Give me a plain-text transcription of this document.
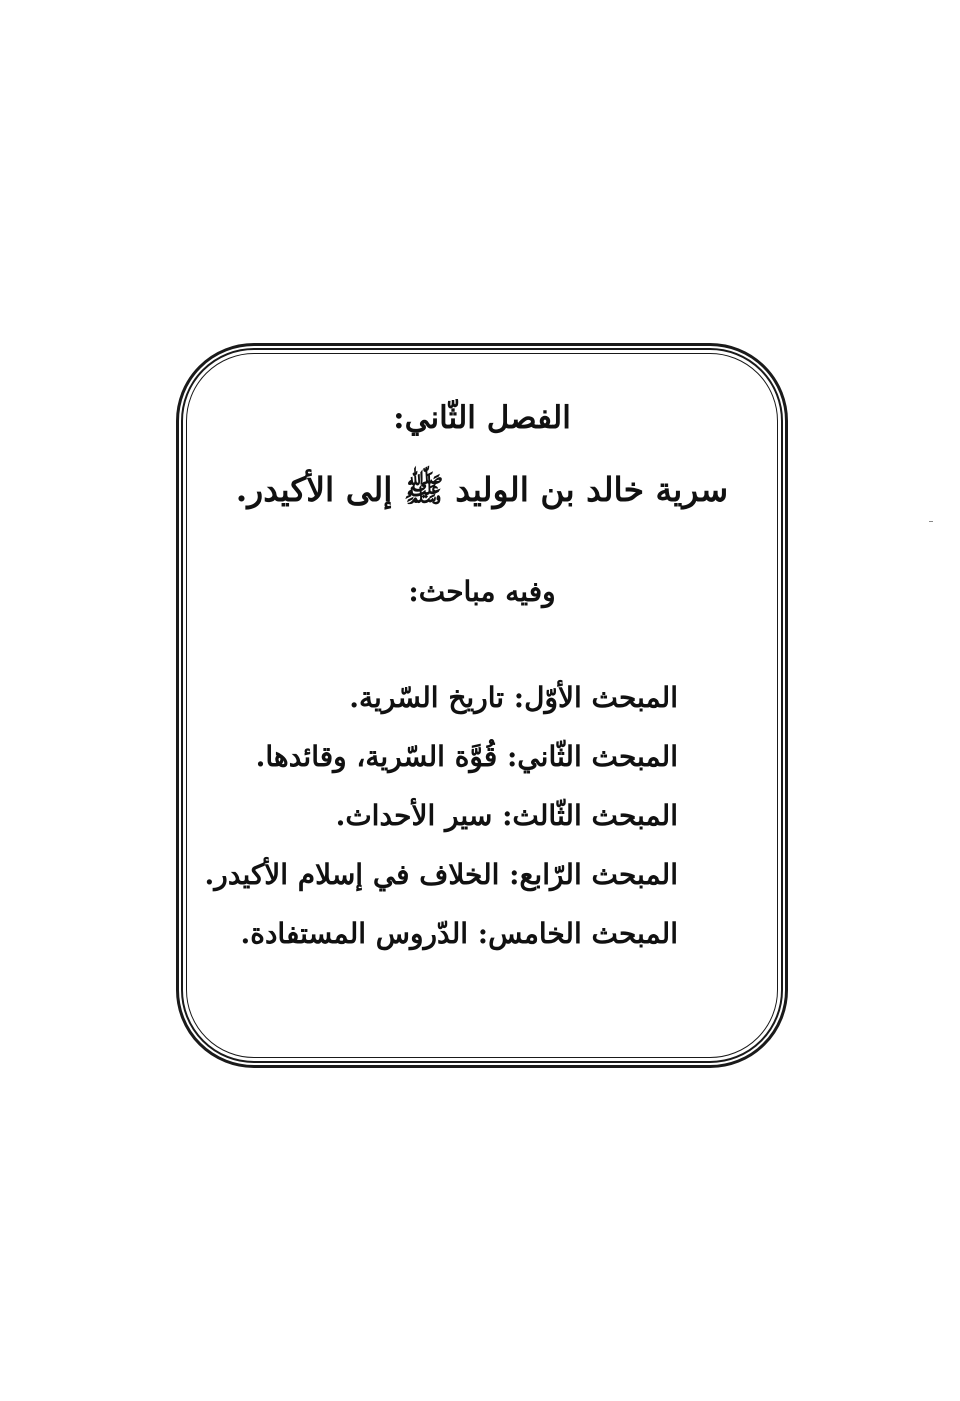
الفصل الثّاني:
سرية خالد بن الوليد ﷺ إلى الأكيدر.
وفيه مباحث:
المبحث الأوّل: تاريخ السّرية.
المبحث الثّاني: قُوَّة السّرية، وقائدها.
المبحث الثّالث: سير الأحداث.
المبحث الرّابع: الخلاف في إسلام الأكيدر.
المبحث الخامس: الدّروس المستفادة.
